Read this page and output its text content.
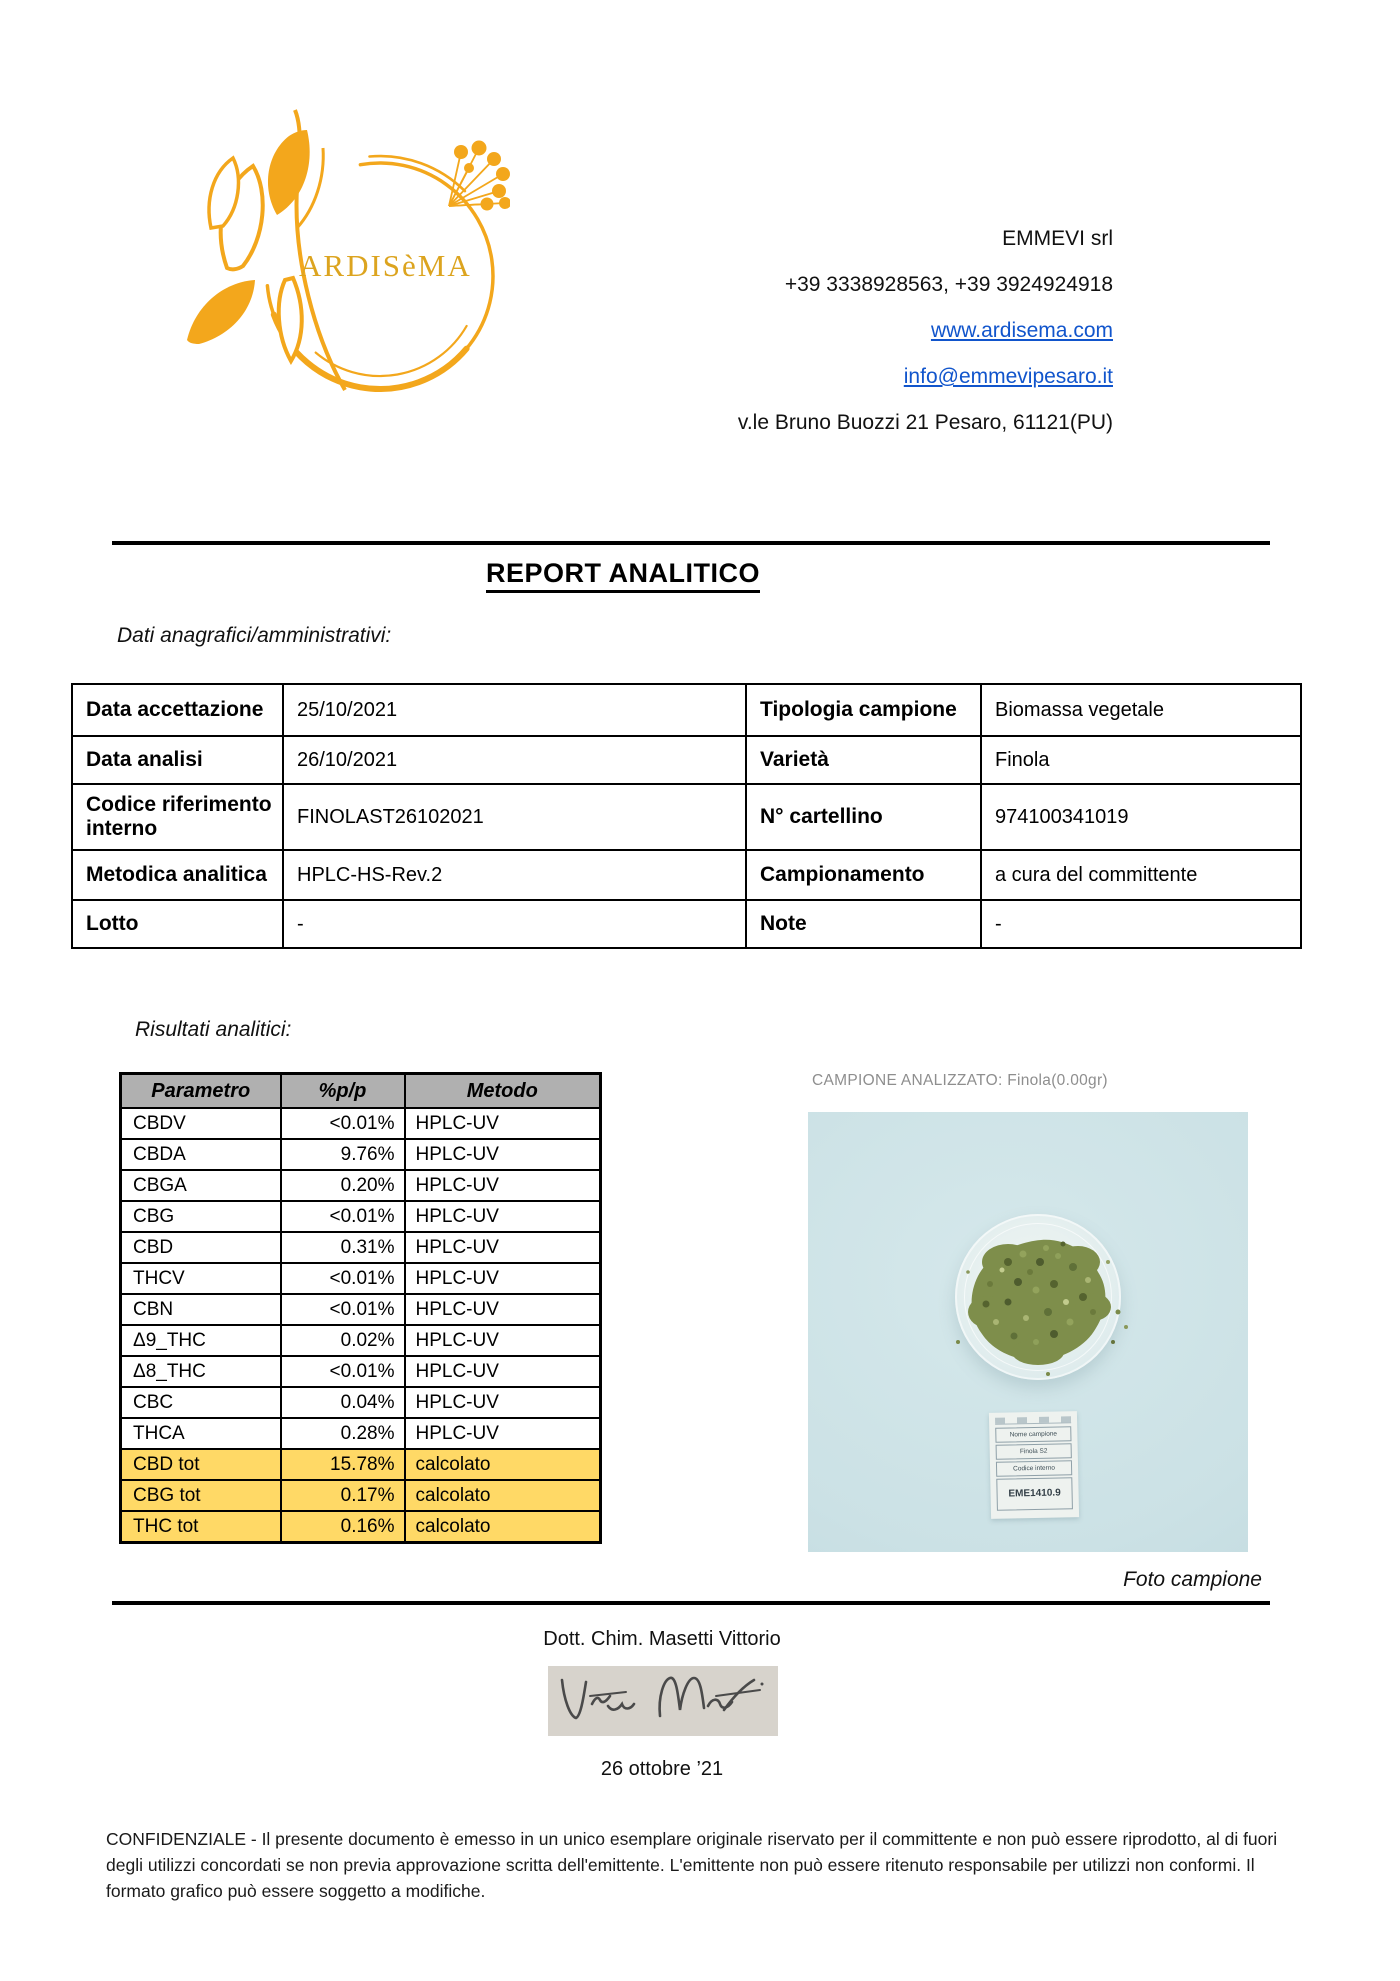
ARDISèMA
EMMEVI srl
+39 3338928563, +39 3924924918
www.ardisema.com
info@emmevipesaro.it
v.le Bruno Buozzi 21 Pesaro, 61121(PU)
REPORT ANALITICO
Dati anagrafici/amministrativi:
Data accettazione	25/10/2021	Tipologia campione	Biomassa vegetale
Data analisi	26/10/2021	Varietà	Finola
Codice riferimento interno	FINOLAST26102021	N° cartellino	974100341019
Metodica analitica	HPLC-HS-Rev.2	Campionamento	a cura del committente
Lotto	-	Note	-
Risultati analitici:
Parametro	%p/p	Metodo
CBDV	<0.01%	HPLC-UV
CBDA	9.76%	HPLC-UV
CBGA	0.20%	HPLC-UV
CBG	<0.01%	HPLC-UV
CBD	0.31%	HPLC-UV
THCV	<0.01%	HPLC-UV
CBN	<0.01%	HPLC-UV
Δ9_THC	0.02%	HPLC-UV
Δ8_THC	<0.01%	HPLC-UV
CBC	0.04%	HPLC-UV
THCA	0.28%	HPLC-UV
CBD tot	15.78%	calcolato
CBG tot	0.17%	calcolato
THC tot	0.16%	calcolato
CAMPIONE ANALIZZATO: Finola(0.00gr)
Nome campione
Finola S2
Codice interno
EME1410.9
Foto campione
Dott. Chim. Masetti Vittorio
26 ottobre ’21
CONFIDENZIALE - Il presente documento è emesso in un unico esemplare originale riservato per il committente e non può essere riprodotto, al di fuori degli utilizzi concordati se non previa approvazione scritta dell'emittente. L'emittente non può essere ritenuto responsabile per utilizzi non conformi. Il formato grafico può essere soggetto a modifiche.
